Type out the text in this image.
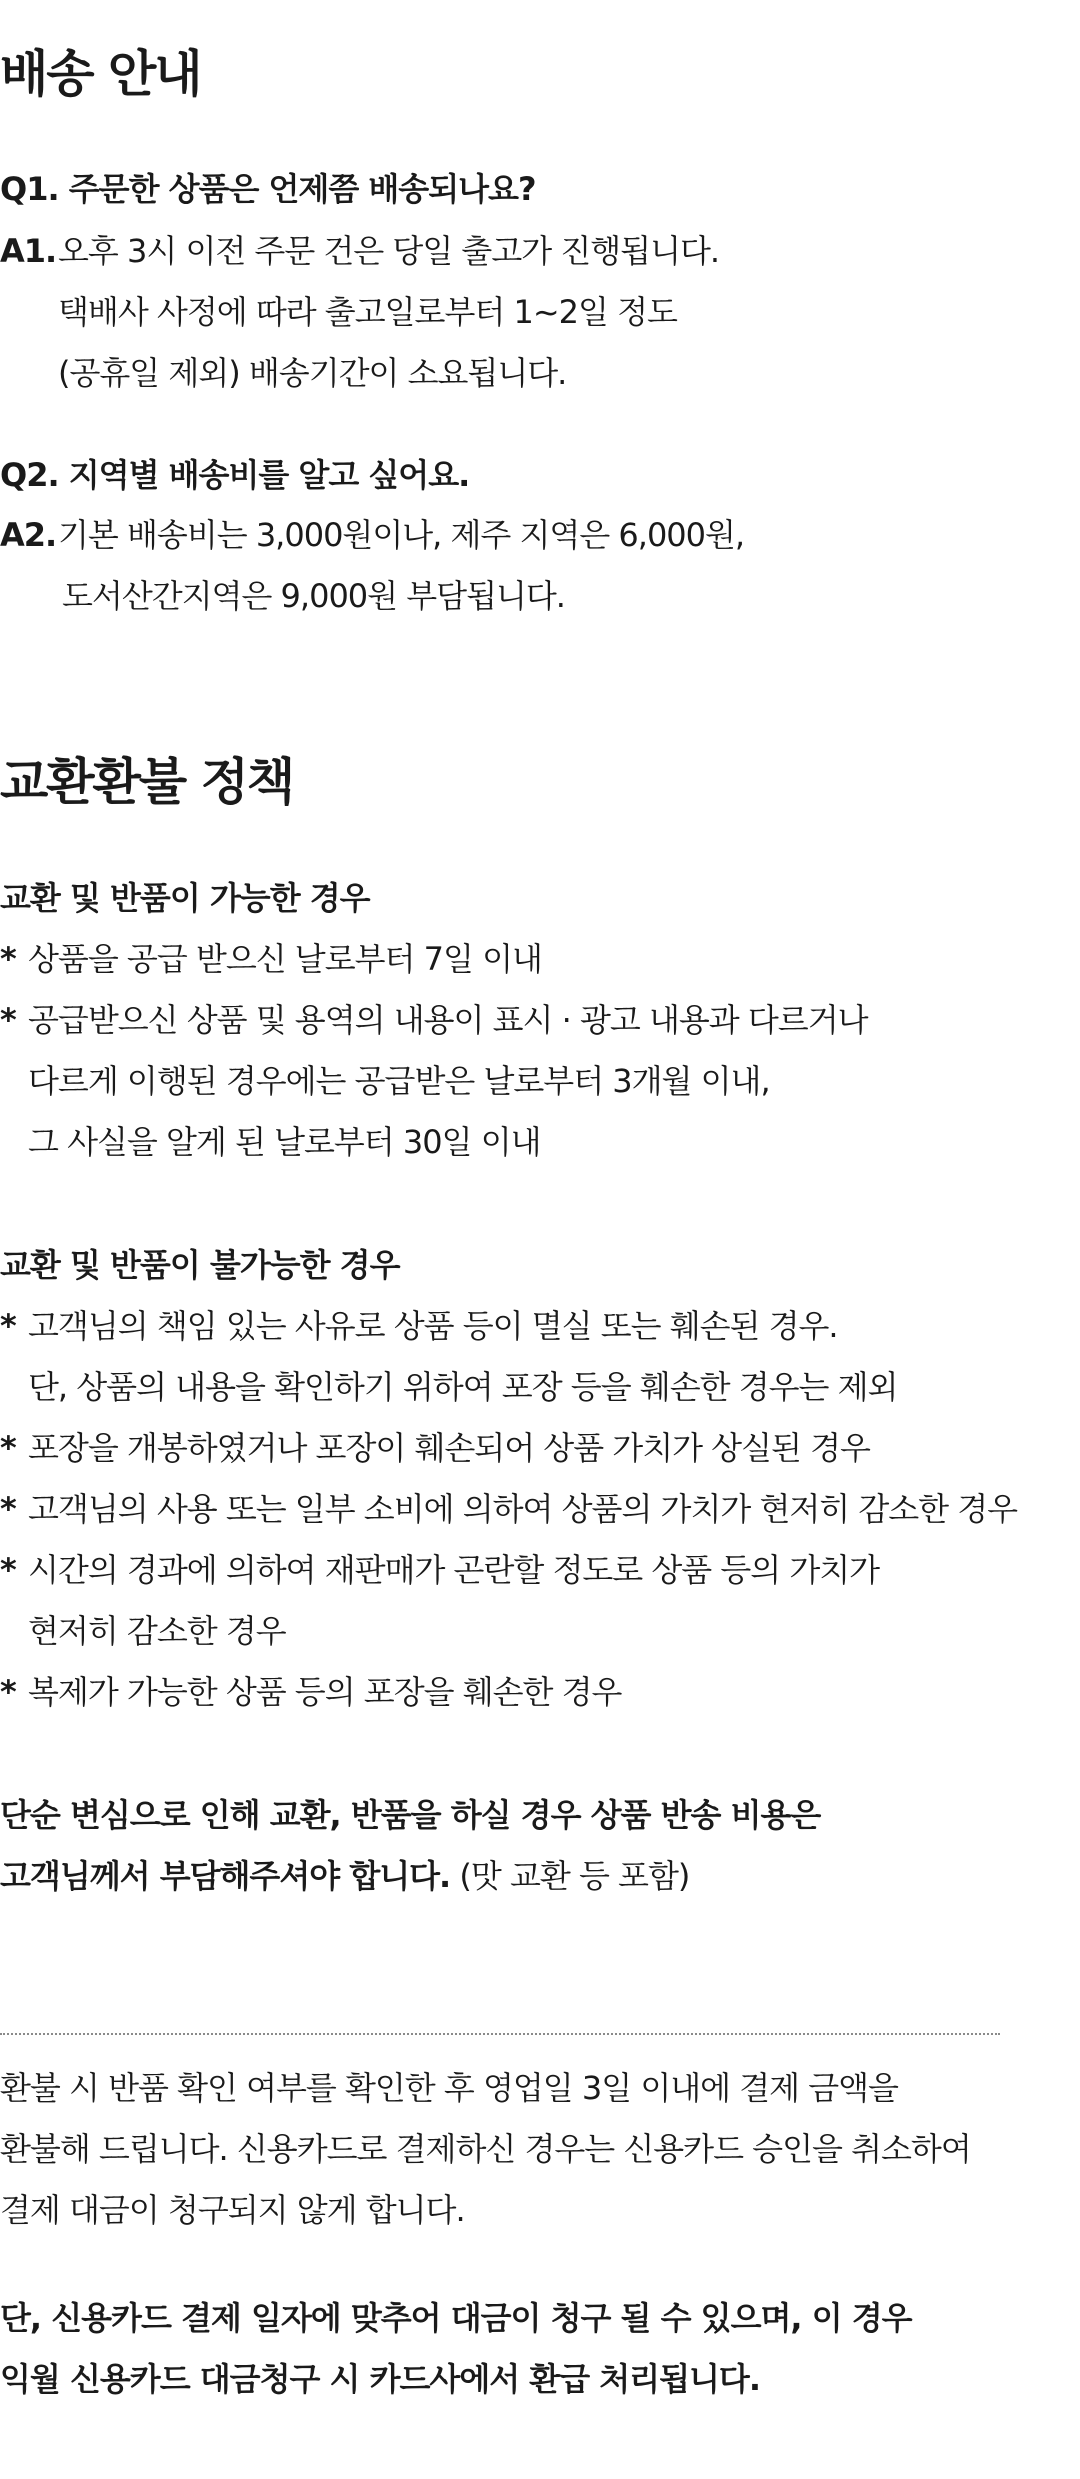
배송 안내
Q1. 주문한 상품은 언제쯤 배송되나요?
A1.오후 3시 이전 주문 건은 당일 출고가 진행됩니다.
택배사 사정에 따라 출고일로부터 1~2일 정도
(공휴일 제외) 배송기간이 소요됩니다.
Q2. 지역별 배송비를 알고 싶어요.
A2.기본 배송비는 3,000원이나, 제주 지역은 6,000원,
도서산간지역은 9,000원 부담됩니다.
교환환불 정책
교환 및 반품이 가능한 경우
* 상품을 공급 받으신 날로부터 7일 이내
* 공급받으신 상품 및 용역의 내용이 표시 · 광고 내용과 다르거나
다르게 이행된 경우에는 공급받은 날로부터 3개월 이내,
그 사실을 알게 된 날로부터 30일 이내
교환 및 반품이 불가능한 경우
* 고객님의 책임 있는 사유로 상품 등이 멸실 또는 훼손된 경우.
단, 상품의 내용을 확인하기 위하여 포장 등을 훼손한 경우는 제외
* 포장을 개봉하였거나 포장이 훼손되어 상품 가치가 상실된 경우
* 고객님의 사용 또는 일부 소비에 의하여 상품의 가치가 현저히 감소한 경우
* 시간의 경과에 의하여 재판매가 곤란할 정도로 상품 등의 가치가
현저히 감소한 경우
* 복제가 가능한 상품 등의 포장을 훼손한 경우
단순 변심으로 인해 교환, 반품을 하실 경우 상품 반송 비용은
고객님께서 부담해주셔야 합니다. (맛 교환 등 포함)
환불 시 반품 확인 여부를 확인한 후 영업일 3일 이내에 결제 금액을
환불해 드립니다. 신용카드로 결제하신 경우는 신용카드 승인을 취소하여
결제 대금이 청구되지 않게 합니다.
단, 신용카드 결제 일자에 맞추어 대금이 청구 될 수 있으며, 이 경우
익월 신용카드 대금청구 시 카드사에서 환급 처리됩니다.
